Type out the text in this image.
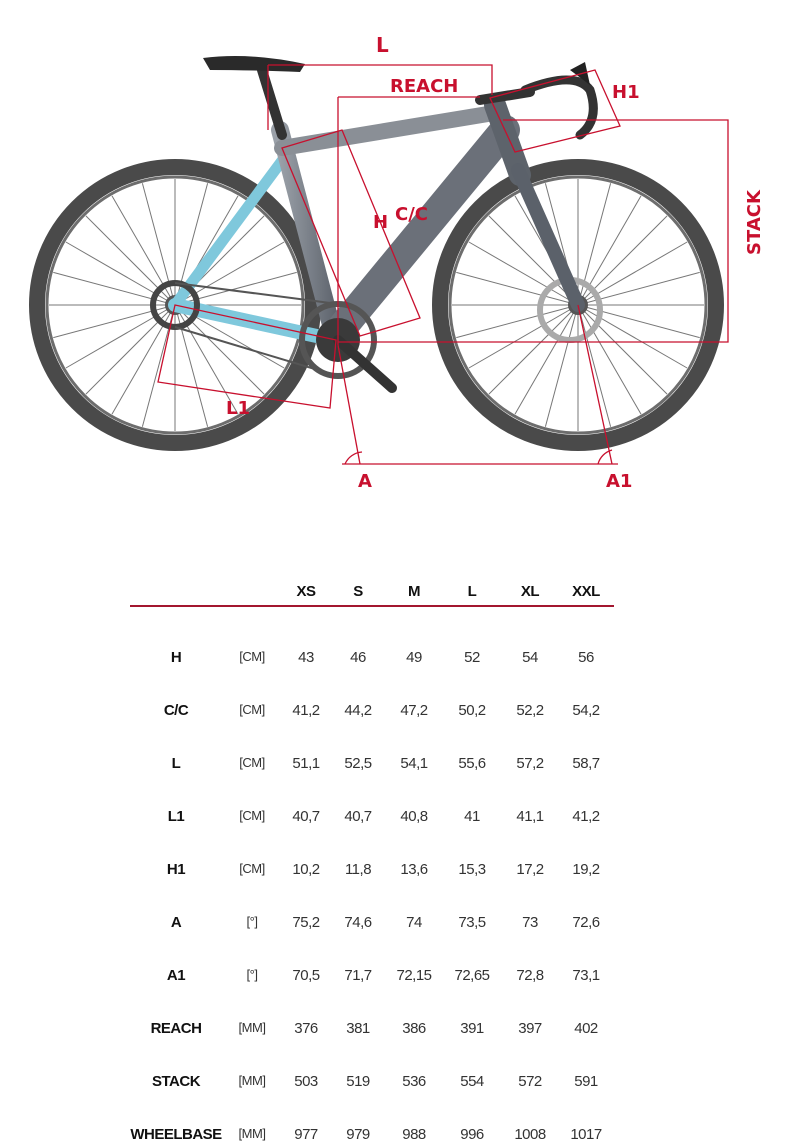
L
REACH	H1
H C/C	STACK
L1
A	A1
XS	S	M	L	XL XXL
H	[CM] 43 46	49	52	54	56
C/C	[CM] 41,2 44,2 47,2 50,2 52,2 54,2
L	[CM] 51,1 52,5 54,1 55,6 57,2 58,7
L1	[CM] 40,7 40,7 40,8 41 41,1 41,2
H1	[CM] 10,2 11,8 13,6 15,3 17,2 19,2
A	[°] 75,2 74,6 74 73,5 73 72,6
A1	[°] 70,5 71,7 72,15 72,65 72,8 73,1
REACH	[MM] 376 381 386 391 397 402
STACK	[MM] 503 519 536 554 572 591
WHEELBASE [MM] 977 979 988 996 1008 1017
